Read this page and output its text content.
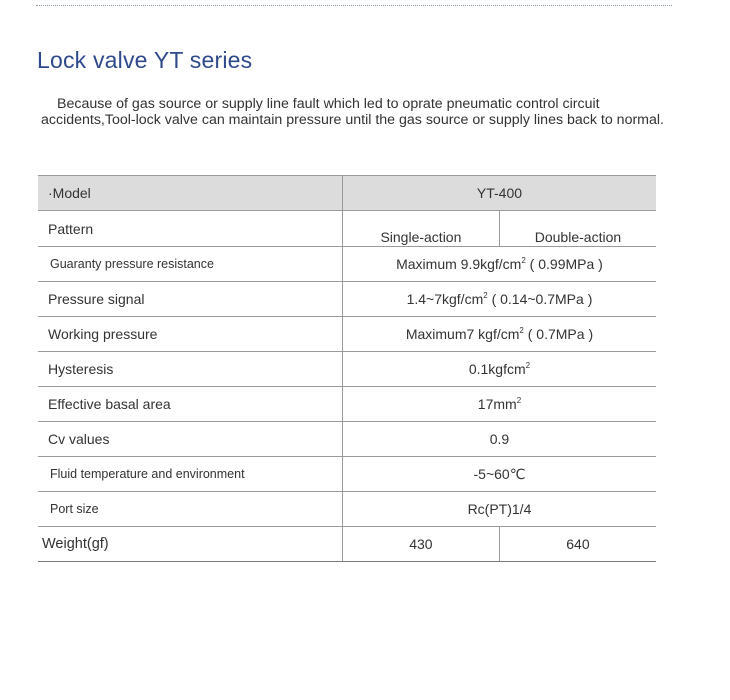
Lock valve YT series

Because of gas source or supply line fault which led to oprate pneumatic control circuit accidents,Tool-lock valve can maintain pressure until the gas source or supply lines back to normal.

·Model	YT-400	
Pattern	Single-action	Double-action
Guaranty pressure resistance	Maximum $9.9kgf/cm^2$ ( 0.99MPa )	
Pressure signal	$1.4\sim 7kgf/cm^2$ ( 0.14~0.7MPa )	
Working pressure	Maximum7 kgf/$cm^2$ ( 0.7MPa )	
Hysteresis	0.1kgfcm$^2$
Effective basal area	$17mm^2$
Cv values	0.9	
Fluid temperature and environment	-5~60℃	
Port size	Rc(PT)1/4	
Weight(gf)	430	640
